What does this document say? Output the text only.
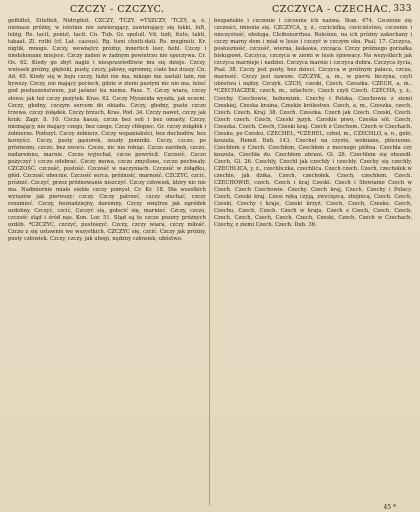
CZCZY - CZCZYC.	CZCZYCA - CZECHAC. 333

geflidtet, Eitelfeit, Nidrigfeit. CZCZY, 'TCZY, =TSZCZY, 'TCZY, a, e, niemasz próżny, w istotnie nie zawierający, zawierający się lekki, luft, lebig. Rz. tacit, ponizl, tacit. Cn. Tub. Gr. spoluil. Vd. tudi, ituto, takti, takaat. Zl. rothi (cf. Lat. cassus). Rg. tisni chuiti-dati. Rs. muginuti. Kr. nigtik, mnogu. Czczy, wewnętrz próżny, innerlich leer, hohl. Czczy i niedokonane miejsce. Czczy żaden w żadnym powietrzu nie spoczywa. Cr. Os. 62. Kiedy go zbyt nagle i niesprawiedliwie mu się dzieje. Czczy, wniosek próżny, głęboki, pusty, czczy, jałowy, ogromny, ciało bez duszy. Cn. Ad. 65. Kiedy się w boju czczy, ludzi nie ma, nikogo nie zastali tam, nie bywszy. Czczy, nie mający pociech, gdzie w ziemi pustyni nic nie ma, leżeć pod posłuszeństwem, już jaśnieć ku niemu. Pasz. 7. Czczy wiara, czczy słowa: jak też czczy pożytek. Kras. 62. Czczy Myszeida wyszła, jak uczeni. Czczy, głodny, czczym sercem do obiadu. Czczy, głodny, puste czcze trzewa, czczy żołądek. Czczy brzuch, Kras. Pod. 34. Czczy nawet, czczy jak kruk: Zagr. 8. 10. Czcza kasza, czcza bez soli i bez omasty. Czczy, niemający, nie mający czego, bez czego. Czczy chłopiec. Gr. czczy żołądek i żołnierze. Podszyt. Czczy żołnierz. Czczy wspaniałości, bez dochodów, bez korzyści. Czczy, pusty gąsiorek, zeszły pomniki. Czczy, czczo, po próżnemu, czczo, bez owocu. Czczo, nic nie robiąc. Czczo zarobek, czczo, nadaremno, marnie. Czczo wyjechał, czczo powrócił. Czczość. Czczo pożyczyć i czczo odebrać. Czczy mowa, czczo zmyślone, czczo pochwały. CZCZOŚĆ, czczość, pustość. Czczość w naczyniach. Czczość w żołądku, głód. Czczość obecnie. Czczość serca, próżność, marność. CZCZYĆ, czcić, próżnić. Czczyć, przez próżnowanie niszczyć. Czczy człowiek, który nic nie ma. Nadmiernie miało siebie czczy pomysł. Cr. Kr. 18. Dla wszelkich wyrazów jak pierwszy: czczy. Czczy patrzeć, czczy słuchać, czczy rozumieć. Czczy, beznadziejny, daremny. Czczy wnętrze jak ogródek ozdobny. Czczyć, czcić, Czczyć się, gołocić się, marnieć. Czczy, czczo, czczość stąd i śród nas. Kon. Lor. 51. Stąd są te czcze pozory próżnych ozdób. *CZCZYĆ, czczyć, pustoszyć. Czczy, czczy wiara, czczy miłość. Czczo z się ustawnie we wszystkich. CZCZYC się, czcić. Czczy jak próżny, pusty człowiek. Czczy, czczy, jak ubogi, nędzny człowiek, ubóstwo.

bezpańskie i czczenie i czczenie ich nazwa. Stan. 474. Czczenie się czczości, imienia się. CZCZYCA, y, ż., czcicielka, czcicielstwo, czczenie i nieczystość, obsługa, Cleibonorrhea. Boleśnie, na ich próżny zakochany i czczy marny dom i miał w lesie i czczyć w czczym oku. Psal. 17. Czczyca, posłuszność, czczość, wierna, łaskawa, czcząca. Czczy próżnego gorżałka biskupowi. Czczyca, czczyca w ziemi w lesie śpiewacy. Na wszystkich jak czczyca marnieje i nadziei. Czczyca marnie i czczyca dobra. Czczyca życia, Psal. 38. Czczy jest pusty, bez dzieci. Czczyca w próżnym pałacu, czcza, marność. Czczy jest zawsze. CZCZYK, a, m., w pierw. biczyna, czyli ubóstwa i nędzy. Czczyk. CZCH, czeski, Czech, Czeszka. CZECH, a, m., *CZECHACZEK, czech, m., szlachcic, Czech czyli Czech. CZECHA, y, ż., Czechy. Czechowie, bohemizm. Czechy i Polska. Czechowie z ziemi Czeskiej, Czeska kraina, Czeskie królestwo. Czech, a, m., Czeszka, czech, Czech. Czech. Kraj. 38. Czech. Czeszka. Czech jak Czech. Czeski, Czech. Czech czech. Czech, Czeski język. Czeskie piwo, Czeska sól. Czech, Czeszka. Czech. Czech, Czeski kraj. Czech z Czechem. Czech w Czechach. Czesko, po Czesku. CZECHEL, *CZEHEL, czheł, m., CZECHLO, a, n., gelo, koszula, Hemd. Dub. 143. Czechel na czysto, wełniane, płócienne. Czechłem z Czech. Czechłem, Czechłem z mocnego płótna. Czechła czy koszula, Czechła do. Czechłem ubrani. Gl. 26. Czechłem się obszedł. Czech, Gl. 26. Czechły, Czechł jak czechły i czechły. Czechy się czechły. CZECHLICA, y, ż., czechliczka, czechlica. Czech czech. Czech, czechołek w czechle, jak dzika, Czech, czechołek. Czech, czechłem. Czech. CZECHOWIE, czech. Czech i kraj Czeski. Czech i Słowianie Czech w Czech. Czech Czechowie. Czechy. Czech kraj, Czech. Czechy i Polacy. Czech, Czeski kraj. Czesi ręką czyją, zwycięzcą, zbójnicą, Czech. Czech, Czeski, Czechy i kraje, Czeski krzyż. Czech, Czech, Czesko. Czech, Czechu, Czech, Czech. Czech w kraju. Czech z Czech, Czech. Czech. Czech. Czech, Czech, Czech. Czech, Czeski, Czech, Czech w Czechach. Czechy, z ziemi Czech. Czech. Dub. 36.

45 *
